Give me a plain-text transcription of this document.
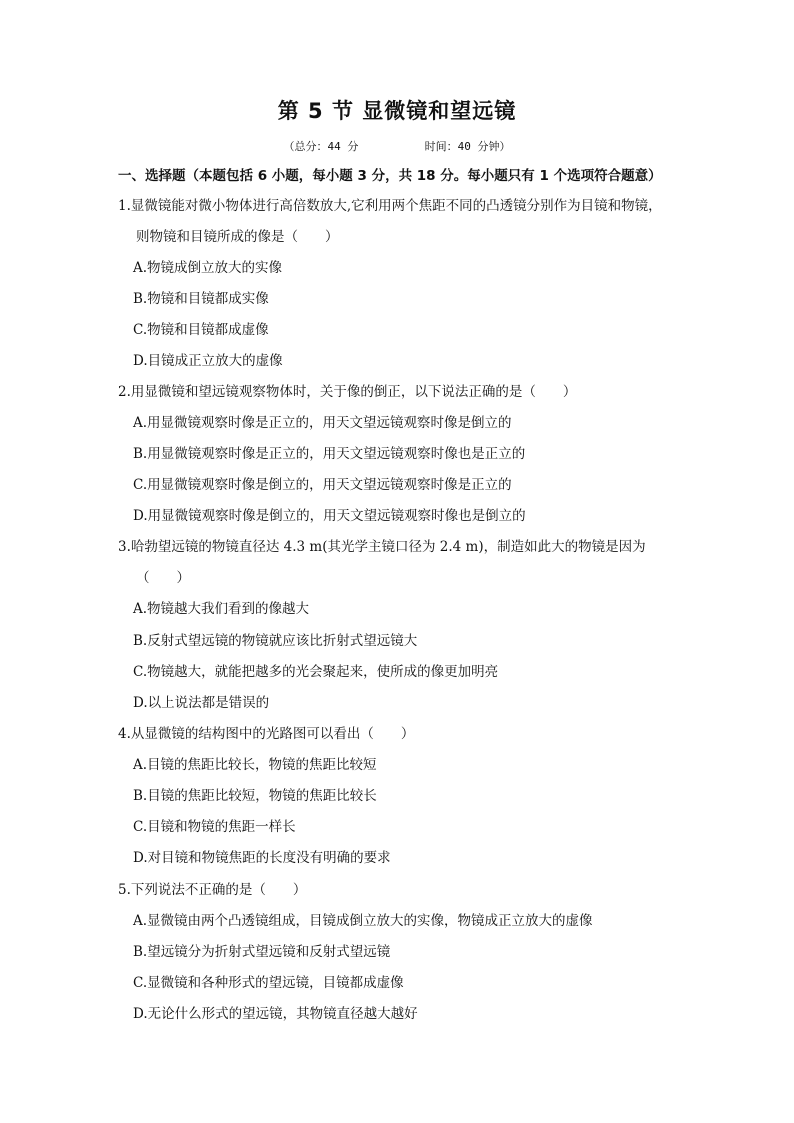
第 5 节 显微镜和望远镜
（总分：44 分          时间：40 分钟）
一、选择题（本题包括 6 小题，每小题 3 分，共 18 分。每小题只有 1 个选项符合题意）
1.显微镜能对微小物体进行高倍数放大,它利用两个焦距不同的凸透镜分别作为目镜和物镜，
则物镜和目镜所成的像是（　　）
A.物镜成倒立放大的实像
B.物镜和目镜都成实像
C.物镜和目镜都成虚像
D.目镜成正立放大的虚像
2.用显微镜和望远镜观察物体时，关于像的倒正，以下说法正确的是（　　）
A.用显微镜观察时像是正立的，用天文望远镜观察时像是倒立的
B.用显微镜观察时像是正立的，用天文望远镜观察时像也是正立的
C.用显微镜观察时像是倒立的，用天文望远镜观察时像是正立的
D.用显微镜观察时像是倒立的，用天文望远镜观察时像也是倒立的
3.哈勃望远镜的物镜直径达 4.3 m(其光学主镜口径为 2.4 m)，制造如此大的物镜是因为
（　　）
A.物镜越大我们看到的像越大
B.反射式望远镜的物镜就应该比折射式望远镜大
C.物镜越大，就能把越多的光会聚起来，使所成的像更加明亮
D.以上说法都是错误的
4.从显微镜的结构图中的光路图可以看出（　　）
A.目镜的焦距比较长，物镜的焦距比较短
B.目镜的焦距比较短，物镜的焦距比较长
C.目镜和物镜的焦距一样长
D.对目镜和物镜焦距的长度没有明确的要求
5.下列说法不正确的是（　　）
A.显微镜由两个凸透镜组成，目镜成倒立放大的实像，物镜成正立放大的虚像
B.望远镜分为折射式望远镜和反射式望远镜
C.显微镜和各种形式的望远镜，目镜都成虚像
D.无论什么形式的望远镜，其物镜直径越大越好
